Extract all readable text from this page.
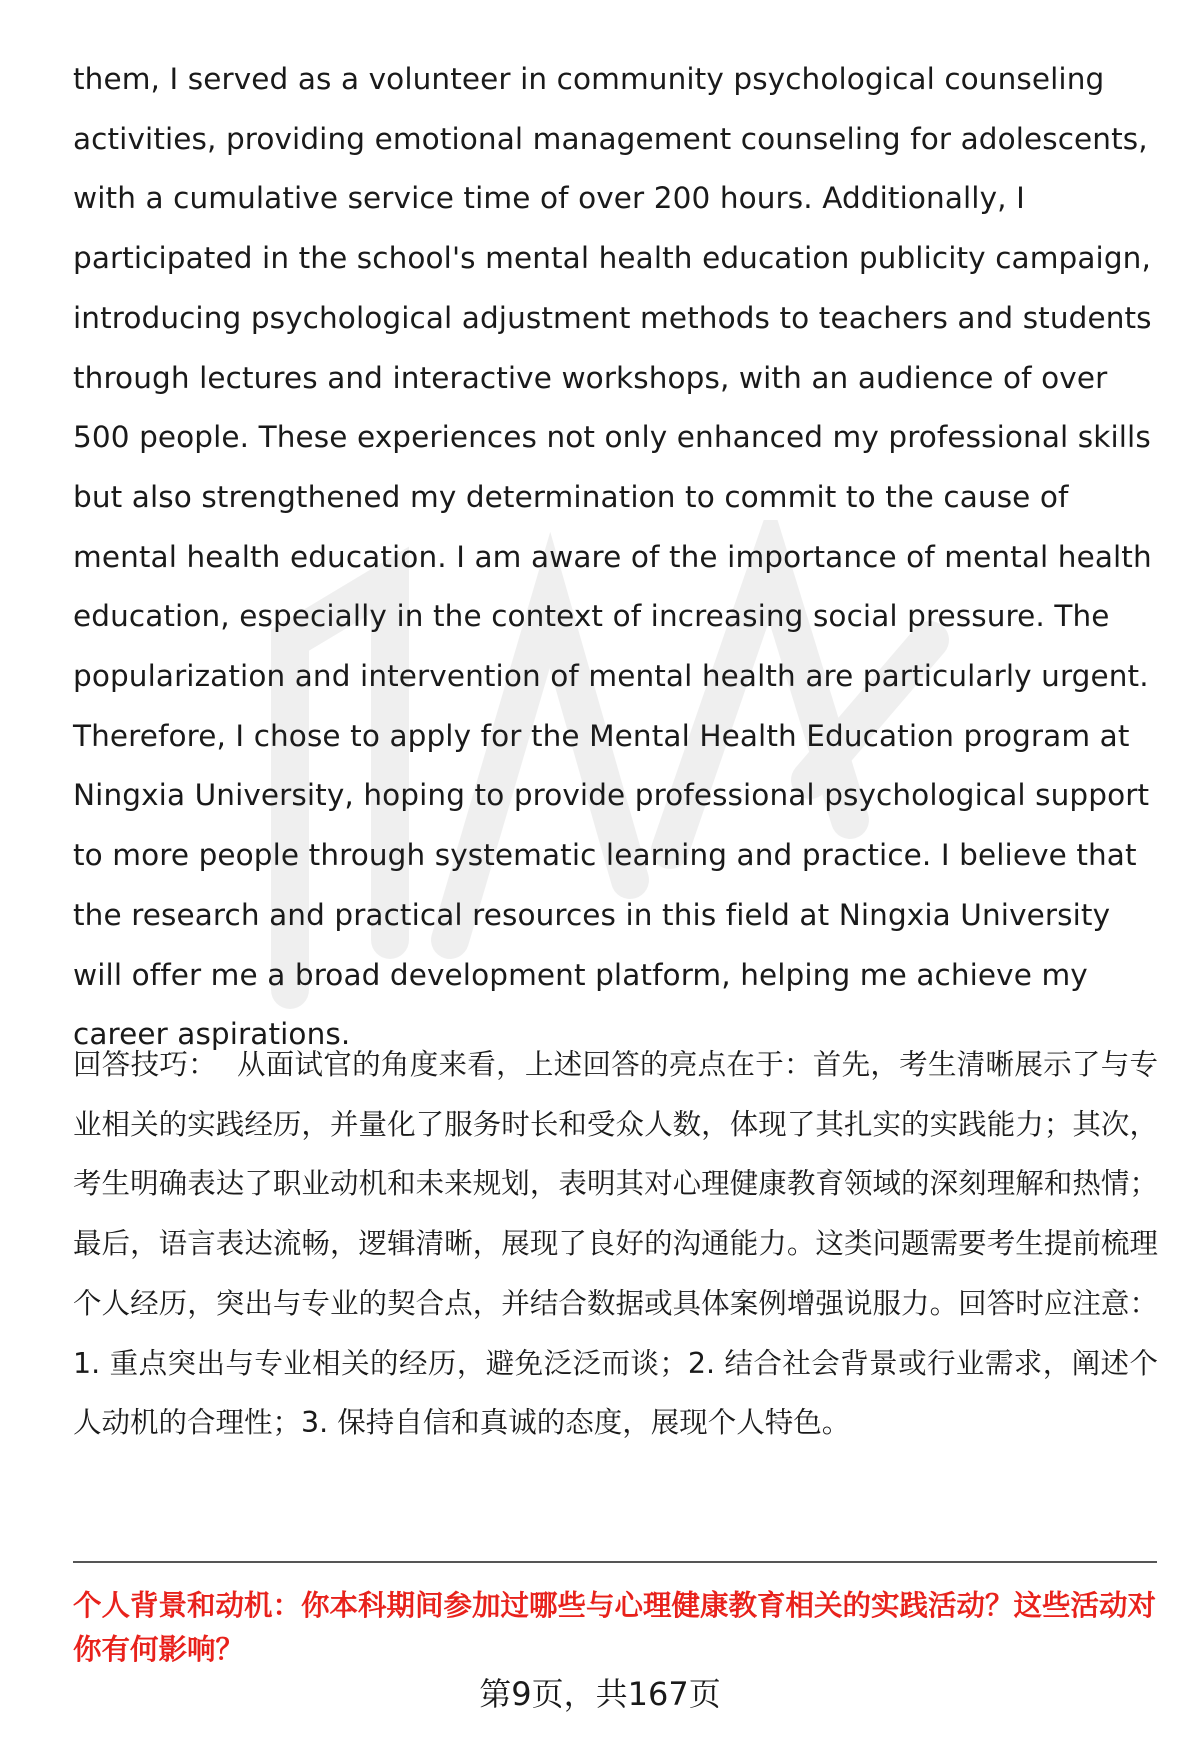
them, I served as a volunteer in community psychological counseling activities, providing emotional management counseling for adolescents, with a cumulative service time of over 200 hours. Additionally, I participated in the school's mental health education publicity campaign, introducing psychological adjustment methods to teachers and students through lectures and interactive workshops, with an audience of over 500 people. These experiences not only enhanced my professional skills but also strengthened my determination to commit to the cause of mental health education. I am aware of the importance of mental health education, especially in the context of increasing social pressure. The popularization and intervention of mental health are particularly urgent. Therefore, I chose to apply for the Mental Health Education program at Ningxia University, hoping to provide professional psychological support to more people through systematic learning and practice. I believe that the research and practical resources in this field at Ningxia University will offer me a broad development platform, helping me achieve my career aspirations.

回答技巧： 从面试官的角度来看，上述回答的亮点在于：首先，考生清晰展示了与专业相关的实践经历，并量化了服务时长和受众人数，体现了其扎实的实践能力；其次，考生明确表达了职业动机和未来规划，表明其对心理健康教育领域的深刻理解和热情；最后，语言表达流畅，逻辑清晰，展现了良好的沟通能力。这类问题需要考生提前梳理个人经历，突出与专业的契合点，并结合数据或具体案例增强说服力。回答时应注意：1. 重点突出与专业相关的经历，避免泛泛而谈；2. 结合社会背景或行业需求，阐述个人动机的合理性；3. 保持自信和真诚的态度，展现个人特色。

个人背景和动机：你本科期间参加过哪些与心理健康教育相关的实践活动？这些活动对你有何影响？

第9页，共167页
